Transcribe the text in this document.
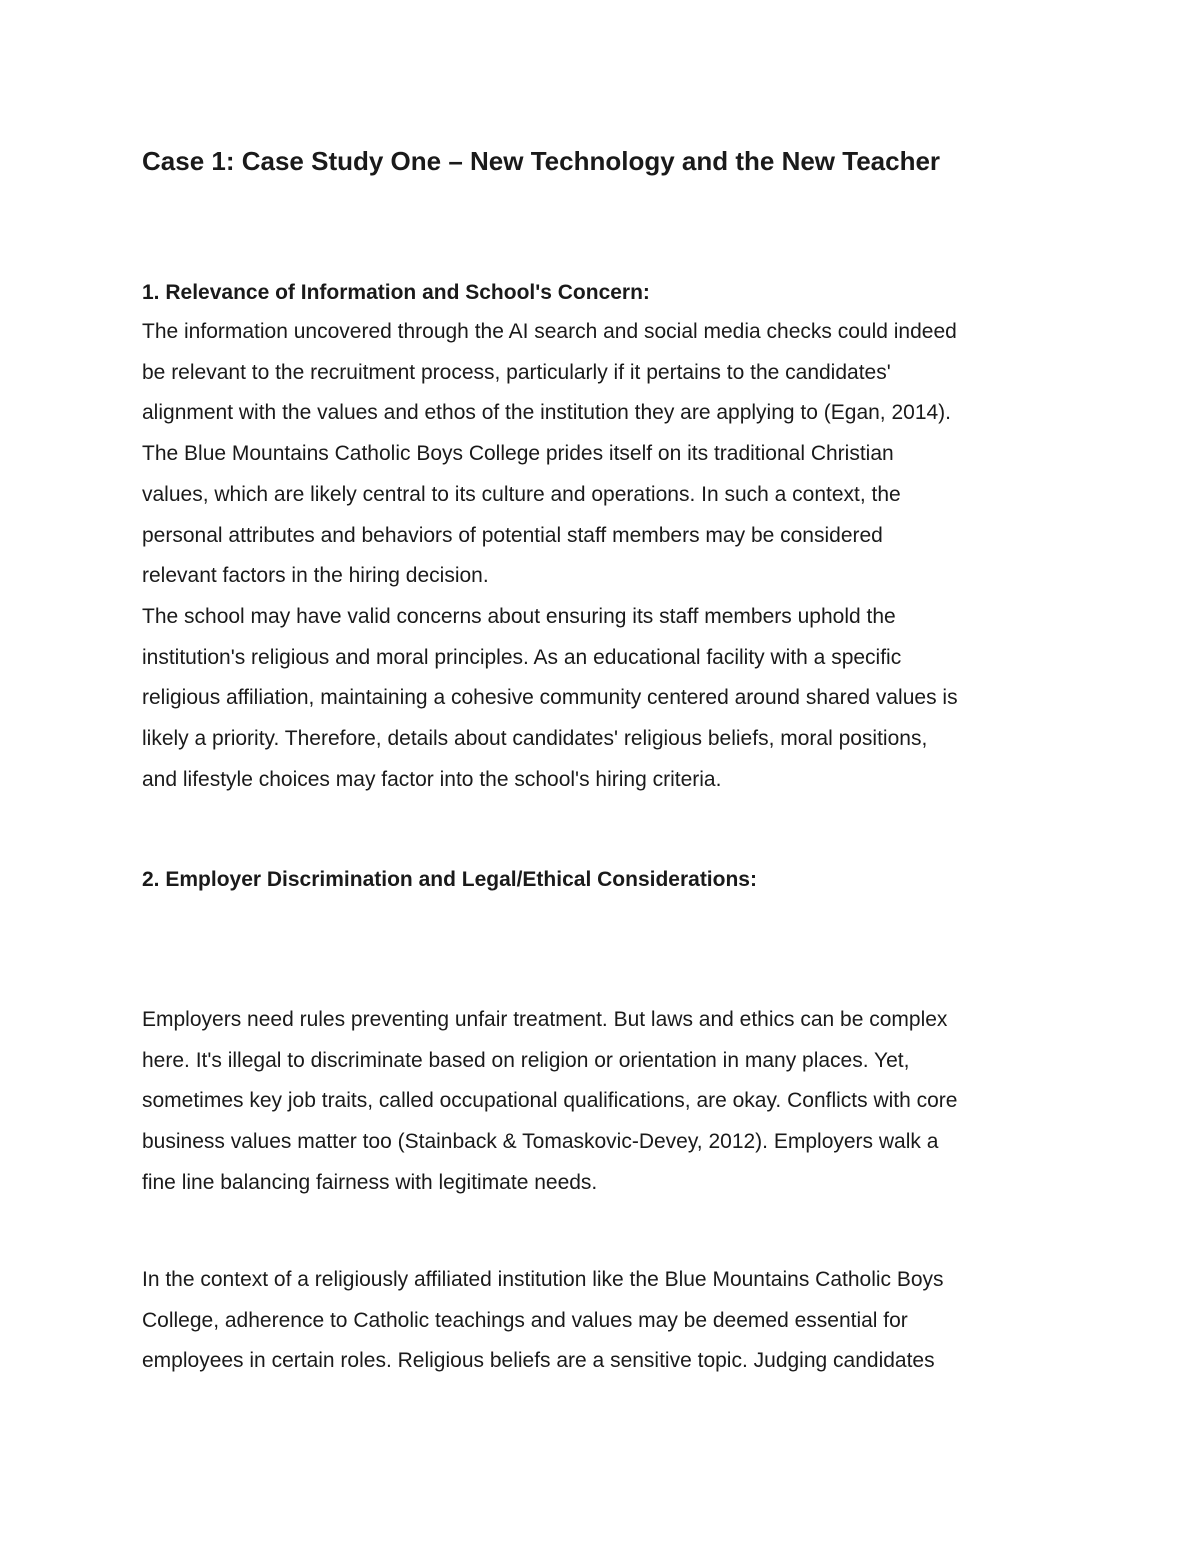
Case 1: Case Study One – New Technology and the New Teacher
1. Relevance of Information and School's Concern:

The information uncovered through the AI search and social media checks could indeed
be relevant to the recruitment process, particularly if it pertains to the candidates'
alignment with the values and ethos of the institution they are applying to (Egan, 2014).
The Blue Mountains Catholic Boys College prides itself on its traditional Christian
values, which are likely central to its culture and operations. In such a context, the
personal attributes and behaviors of potential staff members may be considered
relevant factors in the hiring decision.

The school may have valid concerns about ensuring its staff members uphold the
institution's religious and moral principles. As an educational facility with a specific
religious affiliation, maintaining a cohesive community centered around shared values is
likely a priority. Therefore, details about candidates' religious beliefs, moral positions,
and lifestyle choices may factor into the school's hiring criteria.

2. Employer Discrimination and Legal/Ethical Considerations:

Employers need rules preventing unfair treatment. But laws and ethics can be complex
here. It's illegal to discriminate based on religion or orientation in many places. Yet,
sometimes key job traits, called occupational qualifications, are okay. Conflicts with core
business values matter too (Stainback & Tomaskovic-Devey, 2012). Employers walk a
fine line balancing fairness with legitimate needs.

In the context of a religiously affiliated institution like the Blue Mountains Catholic Boys
College, adherence to Catholic teachings and values may be deemed essential for
employees in certain roles. Religious beliefs are a sensitive topic. Judging candidates
